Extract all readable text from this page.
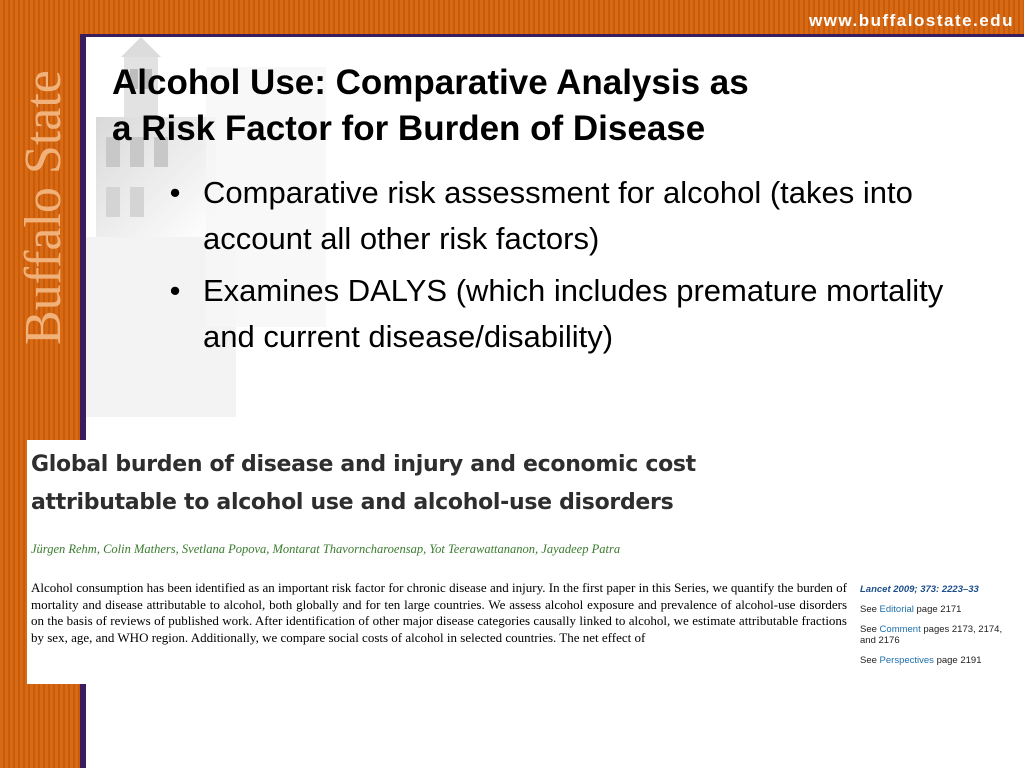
www.buffalostate.edu
Buffalo State Alcohol Use: Comparative Analysis as
a Risk Factor for Burden of Disease
• Comparative risk assessment for alcohol (takes into account all other risk factors)
• Examines DALYS (which includes premature mortality and current disease/disability)
Global burden of disease and injury and economic cost
attributable to alcohol use and alcohol-use disorders
Jürgen Rehm, Colin Mathers, Svetlana Popova, Montarat Thavorncharoensap, Yot Teerawattananon, Jayadeep Patra

Alcohol consumption has been identified as an important risk factor for chronic disease and injury. In the first paper in this Series, we quantify the burden of mortality and disease attributable to alcohol, both globally and for ten large countries. We assess alcohol exposure and prevalence of alcohol-use disorders on the basis of reviews of published work. After identification of other major disease categories causally linked to alcohol, we estimate attributable fractions by sex, age, and WHO region. Additionally, we compare social costs of alcohol in selected countries. The net effect of

Lancet 2009; 373: 2223–33
See Editorial page 2171
See Comment pages 2173, 2174, and 2176
See Perspectives page 2191
